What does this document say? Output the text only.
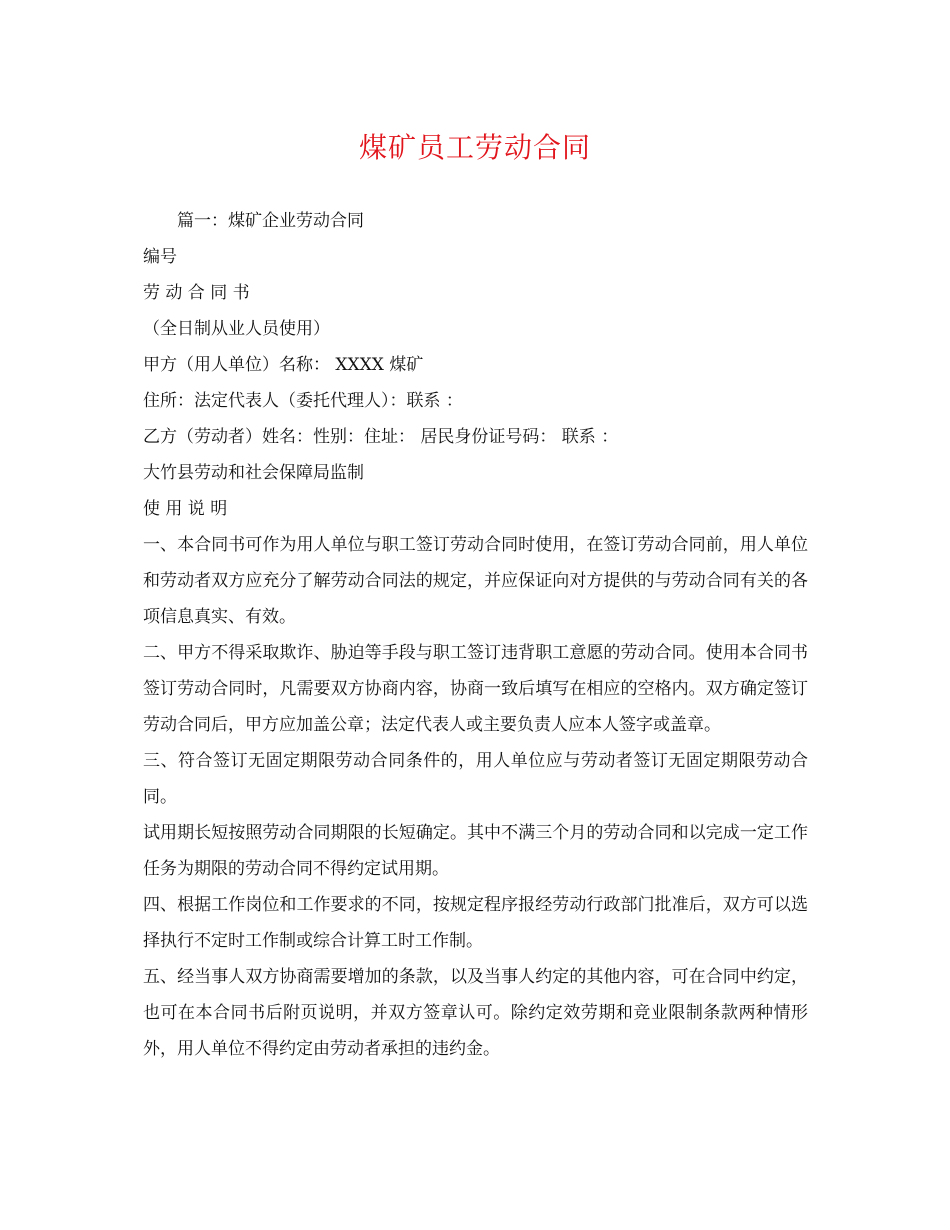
煤矿员工劳动合同

篇一：煤矿企业劳动合同

编号

劳 动 合 同 书

（全日制从业人员使用）

甲方（用人单位）名称： XXXX 煤矿

住所：法定代表人（委托代理人）：联系 ：

乙方（劳动者）姓名：性别：住址： 居民身份证号码： 联系 ：

大竹县劳动和社会保障局监制

使 用 说 明

一、本合同书可作为用人单位与职工签订劳动合同时使用，在签订劳动合同前，用人单位和劳动者双方应充分了解劳动合同法的规定，并应保证向对方提供的与劳动合同有关的各项信息真实、有效。

二、甲方不得采取欺诈、胁迫等手段与职工签订违背职工意愿的劳动合同。使用本合同书签订劳动合同时，凡需要双方协商内容，协商一致后填写在相应的空格内。双方确定签订劳动合同后，甲方应加盖公章；法定代表人或主要负责人应本人签字或盖章。

三、符合签订无固定期限劳动合同条件的，用人单位应与劳动者签订无固定期限劳动合同。

试用期长短按照劳动合同期限的长短确定。其中不满三个月的劳动合同和以完成一定工作任务为期限的劳动合同不得约定试用期。

四、根据工作岗位和工作要求的不同，按规定程序报经劳动行政部门批准后，双方可以选择执行不定时工作制或综合计算工时工作制。

五、经当事人双方协商需要增加的条款，以及当事人约定的其他内容，可在合同中约定，也可在本合同书后附页说明，并双方签章认可。除约定效劳期和竞业限制条款两种情形外，用人单位不得约定由劳动者承担的违约金。
